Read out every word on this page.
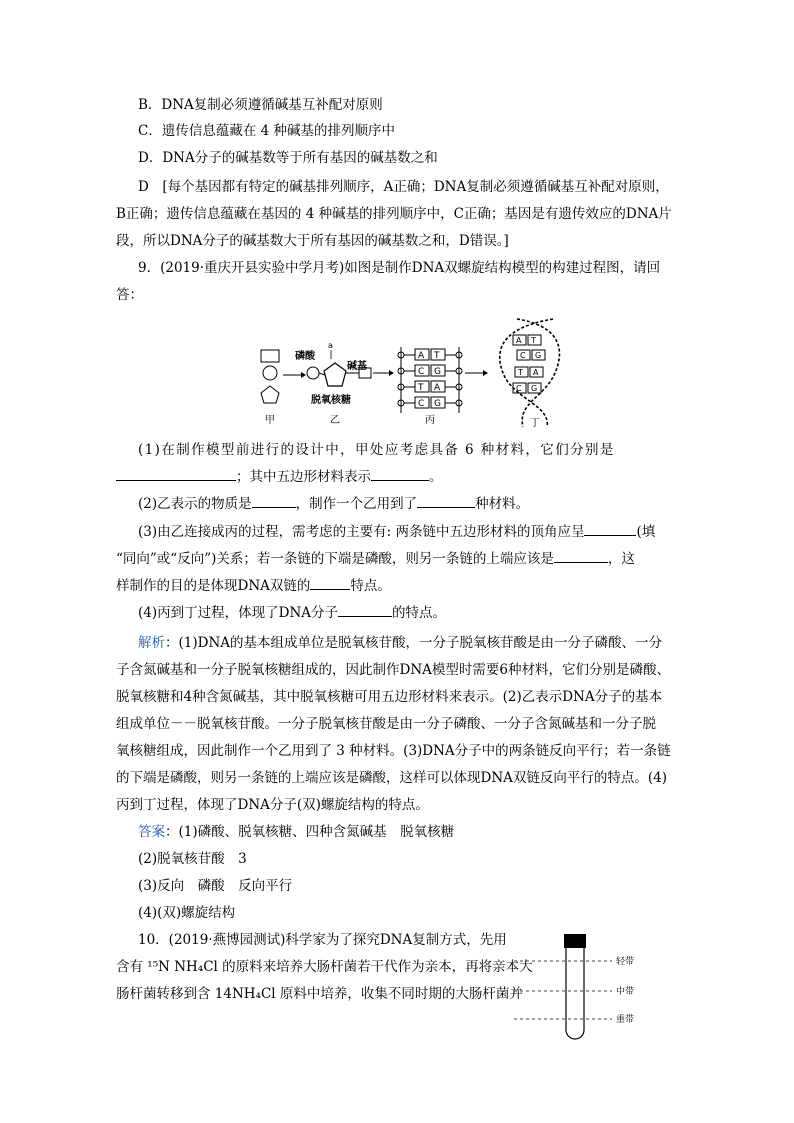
B．DNA复制必须遵循碱基互补配对原则
C．遗传信息蕴藏在 4 种碱基的排列顺序中
D．DNA分子的碱基数等于所有基因的碱基数之和
D　[每个基因都有特定的碱基排列顺序，A正确；DNA复制必须遵循碱基互补配对原则，
B正确；遗传信息蕴藏在基因的 4 种碱基的排列顺序中，C正确；基因是有遗传效应的DNA片
段，所以DNA分子的碱基数大于所有基因的碱基数之和，D错误。]
9．(2019·重庆开县实验中学月考)如图是制作DNA双螺旋结构模型的构建过程图，请回
答：
甲
磷酸
a
碱基
脱氧核糖
乙
A T
C G
T A
C G
丙
A T
C G
T A
C G
丁
(1)在制作模型前进行的设计中，甲处应考虑具备 6 种材料，它们分别是
；其中五边形材料表示	。
(2)乙表示的物质是	，制作一个乙用到了	种材料。
(3)由乙连接成丙的过程，需考虑的主要有: 两条链中五边形材料的顶角应呈	(填
“同向”或“反向”)关系；若一条链的下端是磷酸，则另一条链的上端应该是	，这
样制作的目的是体现DNA双链的	特点。
(4)丙到丁过程，体现了DNA分子	的特点。
解析：(1)DNA的基本组成单位是脱氧核苷酸，一分子脱氧核苷酸是由一分子磷酸、一分
子含氮碱基和一分子脱氧核糖组成的，因此制作DNA模型时需要6种材料，它们分别是磷酸、
脱氧核糖和4种含氮碱基，其中脱氧核糖可用五边形材料来表示。(2)乙表示DNA分子的基本
组成单位－－脱氧核苷酸。一分子脱氧核苷酸是由一分子磷酸、一分子含氮碱基和一分子脱
氧核糖组成，因此制作一个乙用到了 3 种材料。(3)DNA分子中的两条链反向平行；若一条链
的下端是磷酸，则另一条链的上端应该是磷酸，这样可以体现DNA双链反向平行的特点。(4)
丙到丁过程，体现了DNA分子(双)螺旋结构的特点。
答案：(1)磷酸、脱氧核糖、四种含氮碱基　脱氧核糖
(2)脱氧核苷酸　3
(3)反向　磷酸　反向平行
(4)(双)螺旋结构
10．(2019·燕博园测试)科学家为了探究DNA复制方式，先用
含有 ¹⁵N NH₄Cl 的原料来培养大肠杆菌若干代作为亲本，再将亲本大
肠杆菌转移到含 14NH₄Cl 原料中培养，收集不同时期的大肠杆菌并
轻带
中带
重带
